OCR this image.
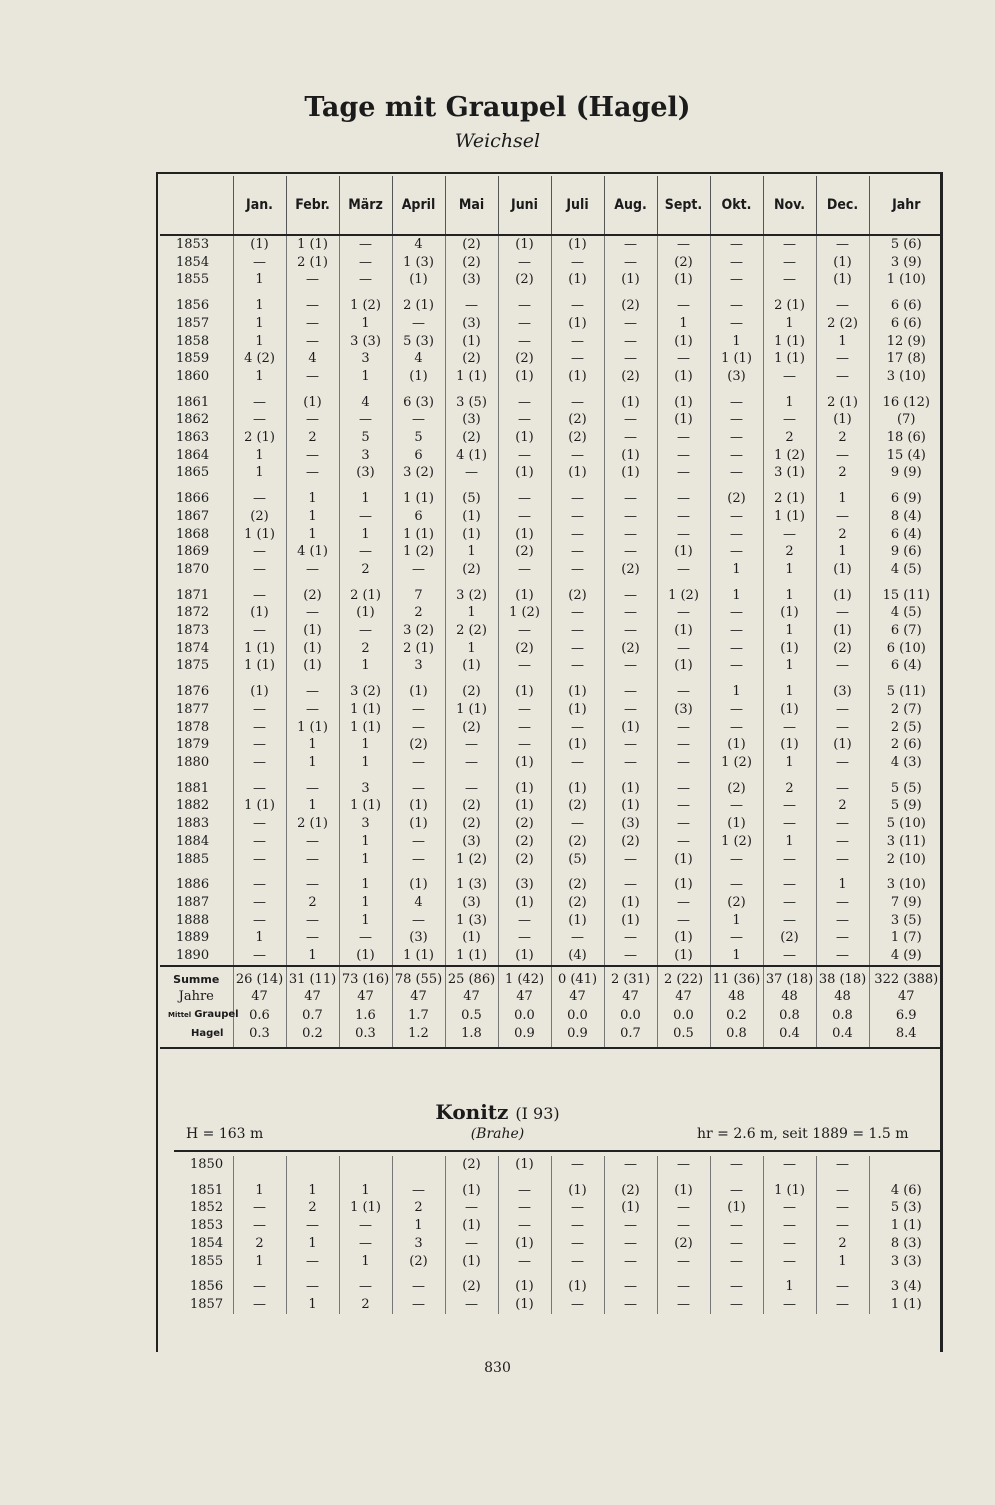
Tage mit Graupel (Hagel)
Weichsel
	Jan.	Febr.	März	April	Mai	Juni	Juli	Aug.	Sept.	Okt.	Nov.	Dec.	Jahr
1853	(1)	1 (1)	—	4	(2)	(1)	(1)	—	—	—	—	—	5 (6)
1854	—	2 (1)	—	1 (3)	(2)	—	—	—	(2)	—	—	(1)	3 (9)
1855	1	—	—	(1)	(3)	(2)	(1)	(1)	(1)	—	—	(1)	1 (10)

1856	1	—	1 (2)	2 (1)	—	—	—	(2)	—	—	2 (1)	—	6 (6)
1857	1	—	1	—	(3)	—	(1)	—	1	—	1	2 (2)	6 (6)
1858	1	—	3 (3)	5 (3)	(1)	—	—	—	(1)	1	1 (1)	1	12 (9)
1859	4 (2)	4	3	4	(2)	(2)	—	—	—	1 (1)	1 (1)	—	17 (8)
1860	1	—	1	(1)	1 (1)	(1)	(1)	(2)	(1)	(3)	—	—	3 (10)

1861	—	(1)	4	6 (3)	3 (5)	—	—	(1)	(1)	—	1	2 (1)	16 (12)
1862	—	—	—	—	(3)	—	(2)	—	(1)	—	—	(1)	(7)
1863	2 (1)	2	5	5	(2)	(1)	(2)	—	—	—	2	2	18 (6)
1864	1	—	3	6	4 (1)	—	—	(1)	—	—	1 (2)	—	15 (4)
1865	1	—	(3)	3 (2)	—	(1)	(1)	(1)	—	—	3 (1)	2	9 (9)

1866	—	1	1	1 (1)	(5)	—	—	—	—	(2)	2 (1)	1	6 (9)
1867	(2)	1	—	6	(1)	—	—	—	—	—	1 (1)	—	8 (4)
1868	1 (1)	1	1	1 (1)	(1)	(1)	—	—	—	—	—	2	6 (4)
1869	—	4 (1)	—	1 (2)	1	(2)	—	—	(1)	—	2	1	9 (6)
1870	—	—	2	—	(2)	—	—	(2)	—	1	1	(1)	4 (5)

1871	—	(2)	2 (1)	7	3 (2)	(1)	(2)	—	1 (2)	1	1	(1)	15 (11)
1872	(1)	—	(1)	2	1	1 (2)	—	—	—	—	(1)	—	4 (5)
1873	—	(1)	—	3 (2)	2 (2)	—	—	—	(1)	—	1	(1)	6 (7)
1874	1 (1)	(1)	2	2 (1)	1	(2)	—	(2)	—	—	(1)	(2)	6 (10)
1875	1 (1)	(1)	1	3	(1)	—	—	—	(1)	—	1	—	6 (4)

1876	(1)	—	3 (2)	(1)	(2)	(1)	(1)	—	—	1	1	(3)	5 (11)
1877	—	—	1 (1)	—	1 (1)	—	(1)	—	(3)	—	(1)	—	2 (7)
1878	—	1 (1)	1 (1)	—	(2)	—	—	(1)	—	—	—	—	2 (5)
1879	—	1	1	(2)	—	—	(1)	—	—	(1)	(1)	(1)	2 (6)
1880	—	1	1	—	—	(1)	—	—	—	1 (2)	1	—	4 (3)

1881	—	—	3	—	—	(1)	(1)	(1)	—	(2)	2	—	5 (5)
1882	1 (1)	1	1 (1)	(1)	(2)	(1)	(2)	(1)	—	—	—	2	5 (9)
1883	—	2 (1)	3	(1)	(2)	(2)	—	(3)	—	(1)	—	—	5 (10)
1884	—	—	1	—	(3)	(2)	(2)	(2)	—	1 (2)	1	—	3 (11)
1885	—	—	1	—	1 (2)	(2)	(5)	—	(1)	—	—	—	2 (10)

1886	—	—	1	(1)	1 (3)	(3)	(2)	—	(1)	—	—	1	3 (10)
1887	—	2	1	4	(3)	(1)	(2)	(1)	—	(2)	—	—	7 (9)
1888	—	—	1	—	1 (3)	—	(1)	(1)	—	1	—	—	3 (5)
1889	1	—	—	(3)	(1)	—	—	—	(1)	—	(2)	—	1 (7)
1890	—	1	(1)	1 (1)	1 (1)	(1)	(4)	—	(1)	1	—	—	4 (9)
Summe	26 (14)	31 (11)	73 (16)	78 (55)	25 (86)	1 (42)	0 (41)	2 (31)	2 (22)	11 (36)	37 (18)	38 (18)	322 (388)
Jahre	47	47	47	47	47	47	47	47	47	48	48	48	47
Mittel Graupel	0.6	0.7	1.6	1.7	0.5	0.0	0.0	0.0	0.0	0.2	0.8	0.8	6.9
Hagel	0.3	0.2	0.3	1.2	1.8	0.9	0.9	0.7	0.5	0.8	0.4	0.4	8.4

Konitz (I 93)
H = 163 m	(Brahe)	hr = 2.6 m, seit 1889 = 1.5 m
1850					(2)	(1)	—	—	—	—	—	—	

1851	1	1	1	—	(1)	—	(1)	(2)	(1)	—	1 (1)	—	4 (6)
1852	—	2	1 (1)	2	—	—	—	(1)	—	(1)	—	—	5 (3)
1853	—	—	—	1	(1)	—	—	—	—	—	—	—	1 (1)
1854	2	1	—	3	—	(1)	—	—	(2)	—	—	2	8 (3)
1855	1	—	1	(2)	(1)	—	—	—	—	—	—	1	3 (3)

1856	—	—	—	—	(2)	(1)	(1)	—	—	—	1	—	3 (4)
1857	—	1	2	—	—	(1)	—	—	—	—	—	—	1 (1)
830
